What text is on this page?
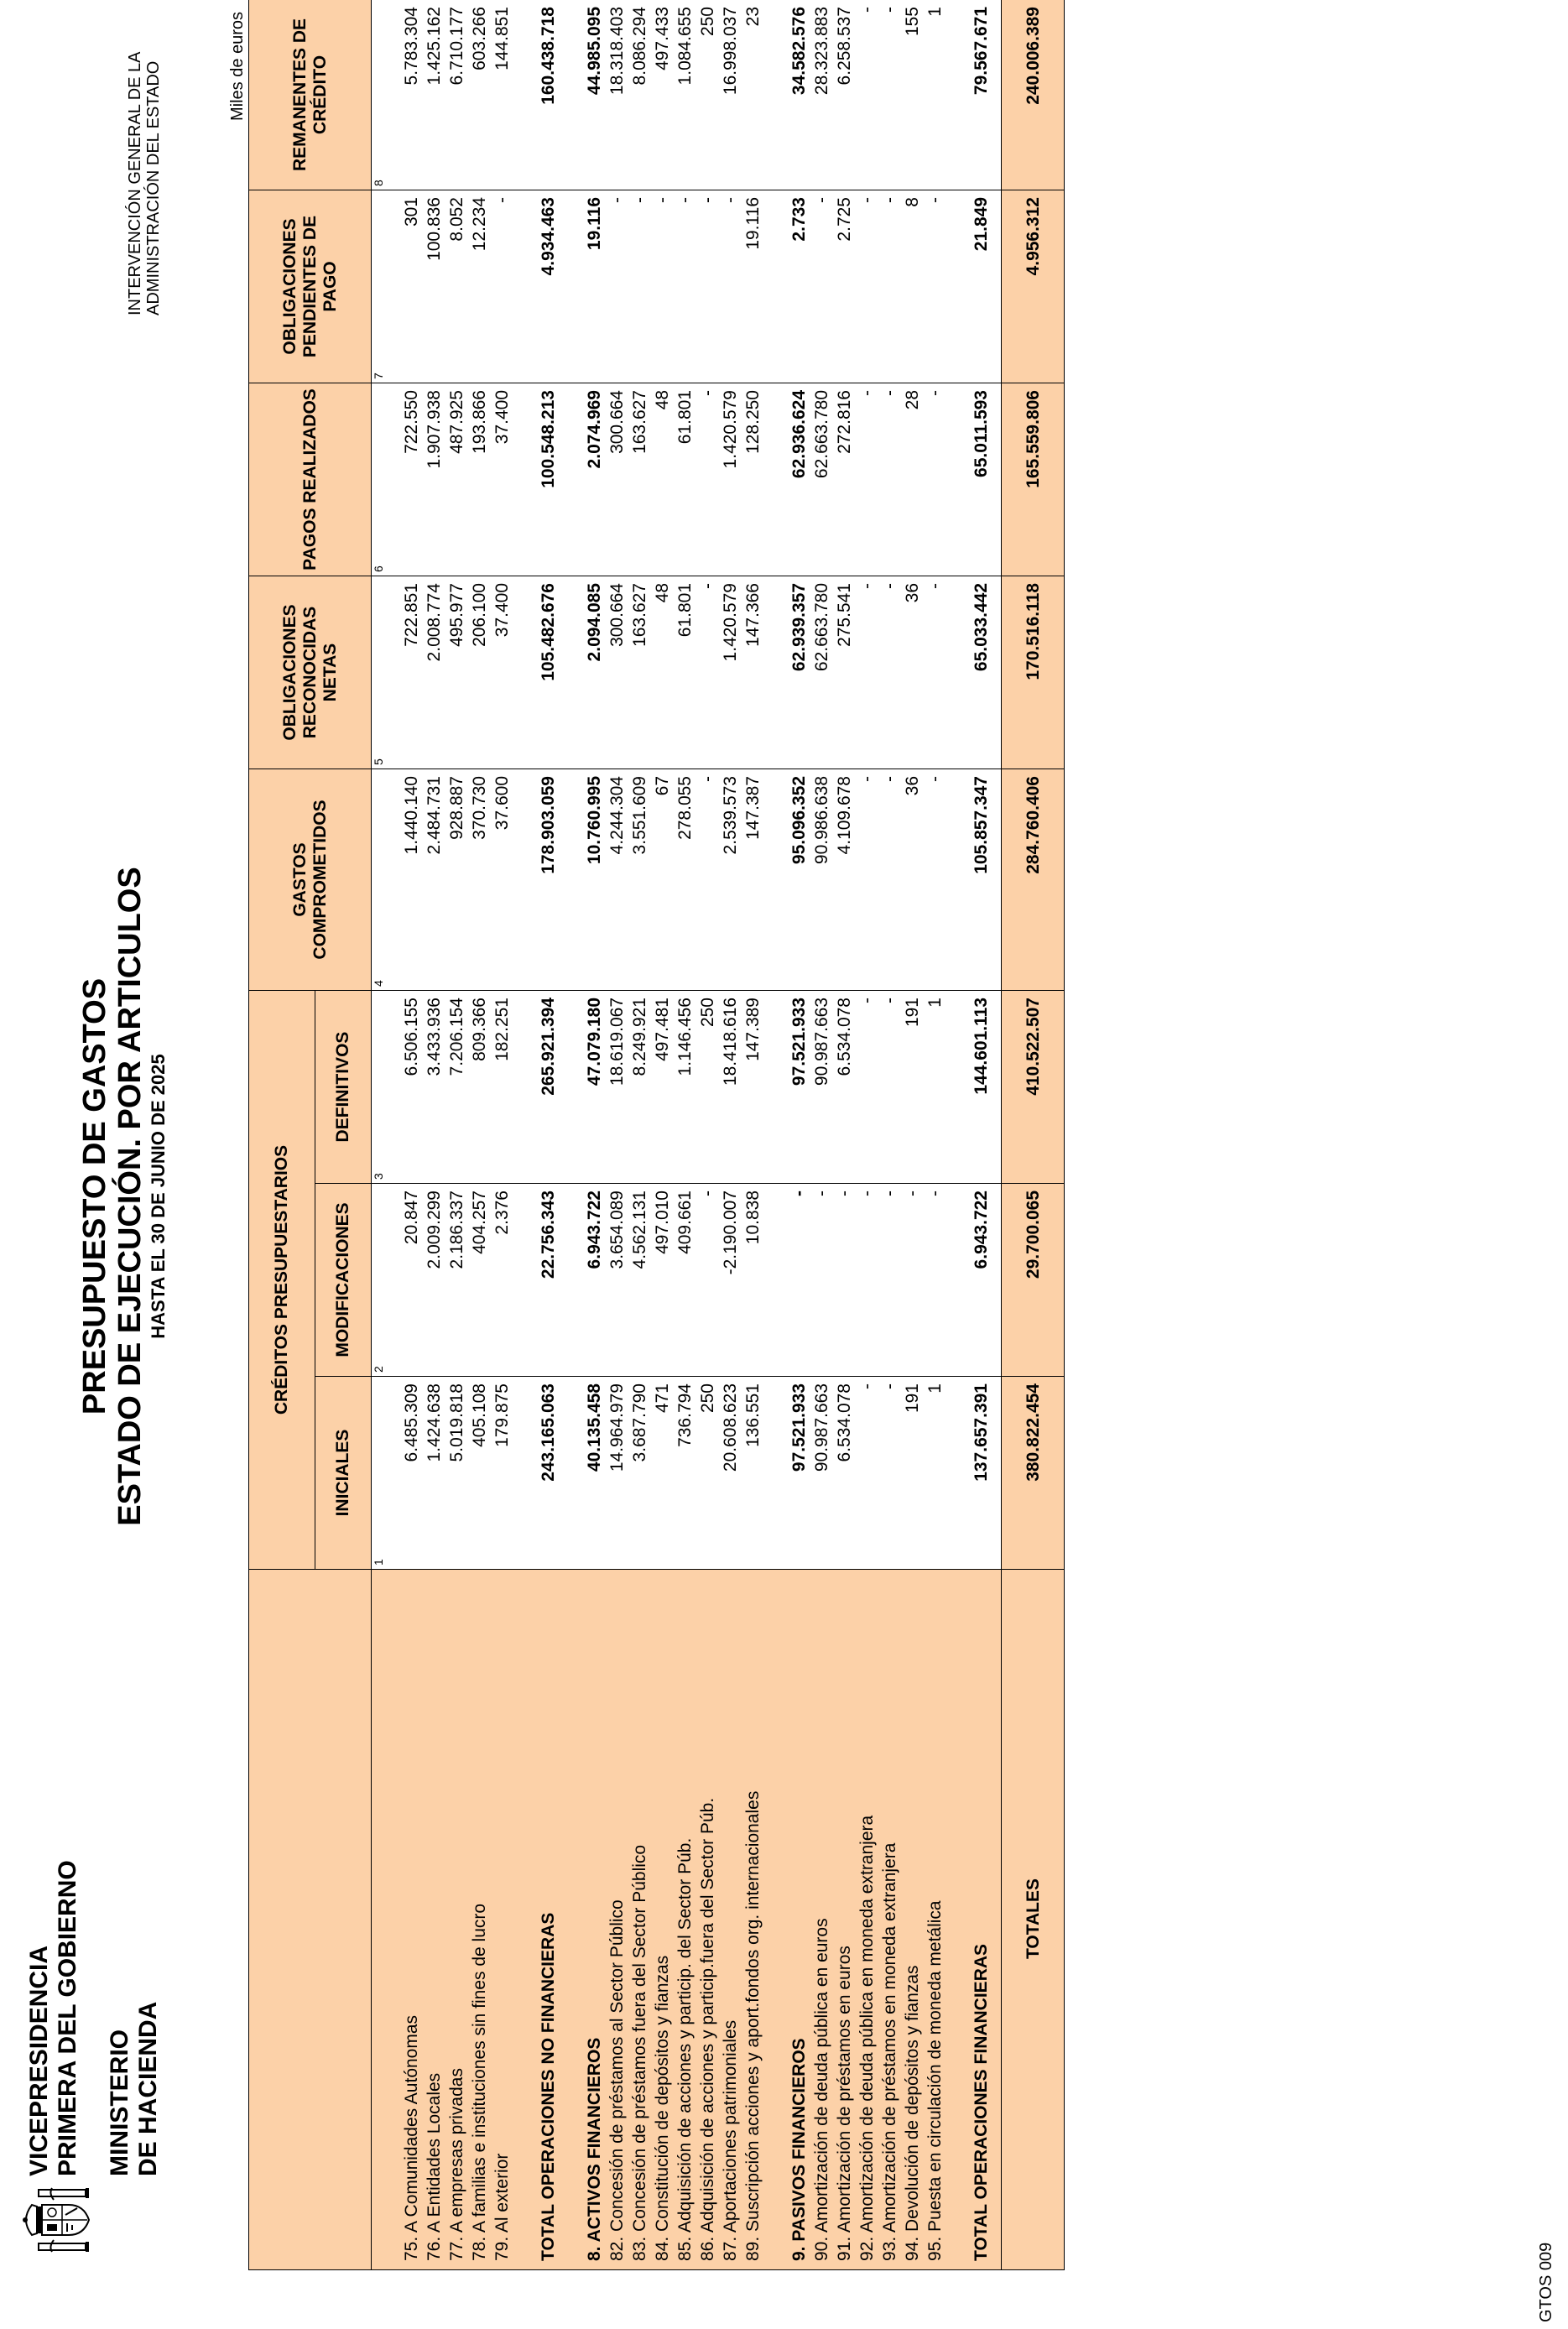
VICEPRESIDENCIA PRIMERA DEL GOBIERNO MINISTERIO DE HACIENDA
PRESUPUESTO DE GASTOS ESTADO DE EJECUCIÓN. POR ARTICULOS HASTA EL 30 DE JUNIO DE 2025
INTERVENCIÓN GENERAL DE LA ADMINISTRACIÓN DEL ESTADO	Miles de euros
	CRÉDITOS PRESUPUESTARIOS			GASTOS COMPROMETIDOS	OBLIGACIONES RECONOCIDAS NETAS	PAGOS REALIZADOS	OBLIGACIONES PENDIENTES DE PAGO	REMANENTES DE CRÉDITO
	INICIALES	MODIFICACIONES	DEFINITIVOS					
	1	2	3	4	5	6	7	8

75. A Comunidades Autónomas	6.485.309	20.847	6.506.155	1.440.140	722.851	722.550	301	5.783.304
76. A Entidades Locales	1.424.638	2.009.299	3.433.936	2.484.731	2.008.774	1.907.938	100.836	1.425.162
77. A empresas privadas	5.019.818	2.186.337	7.206.154	928.887	495.977	487.925	8.052	6.710.177
78. A familias e instituciones sin fines de lucro	405.108	404.257	809.366	370.730	206.100	193.866	12.234	603.266
79. Al exterior	179.875	2.376	182.251	37.600	37.400	37.400	-	144.851

TOTAL OPERACIONES NO FINANCIERAS	243.165.063	22.756.343	265.921.394	178.903.059	105.482.676	100.548.213	4.934.463	160.438.718

8. ACTIVOS FINANCIEROS	40.135.458	6.943.722	47.079.180	10.760.995	2.094.085	2.074.969	19.116	44.985.095
82. Concesión de préstamos al Sector Público	14.964.979	3.654.089	18.619.067	4.244.304	300.664	300.664	-	18.318.403
83. Concesión de préstamos fuera del Sector Público	3.687.790	4.562.131	8.249.921	3.551.609	163.627	163.627	-	8.086.294
84. Constitución de depósitos y fianzas	471	497.010	497.481	67	48	48	-	497.433
85. Adquisición de acciones y particip. del Sector Púb.	736.794	409.661	1.146.456	278.055	61.801	61.801	-	1.084.655
86. Adquisición de acciones y particip.fuera del Sector Púb.	250	-	250	-	-	-	-	250
87. Aportaciones patrimoniales	20.608.623	-2.190.007	18.418.616	2.539.573	1.420.579	1.420.579	-	16.998.037
89. Suscripción acciones y aport.fondos org. internacionales	136.551	10.838	147.389	147.387	147.366	128.250	19.116	23

9. PASIVOS FINANCIEROS	97.521.933	-	97.521.933	95.096.352	62.939.357	62.936.624	2.733	34.582.576
90. Amortización de deuda pública en euros	90.987.663	-	90.987.663	90.986.638	62.663.780	62.663.780	-	28.323.883
91. Amortización de préstamos en euros	6.534.078	-	6.534.078	4.109.678	275.541	272.816	2.725	6.258.537
92. Amortización de deuda pública en moneda extranjera	-	-	-	-	-	-	-	-
93. Amortización de préstamos en moneda extranjera	-	-	-	-	-	-	-	-
94. Devolución de depósitos y fianzas	191	-	191	36	36	28	8	155
95. Puesta en circulación de moneda metálica	1	-	1	-	-	-	-	1

TOTAL OPERACIONES FINANCIERAS	137.657.391	6.943.722	144.601.113	105.857.347	65.033.442	65.011.593	21.849	79.567.671
TOTALES	380.822.454	29.700.065	410.522.507	284.760.406	170.516.118	165.559.806	4.956.312	240.006.389
GTOS 009
